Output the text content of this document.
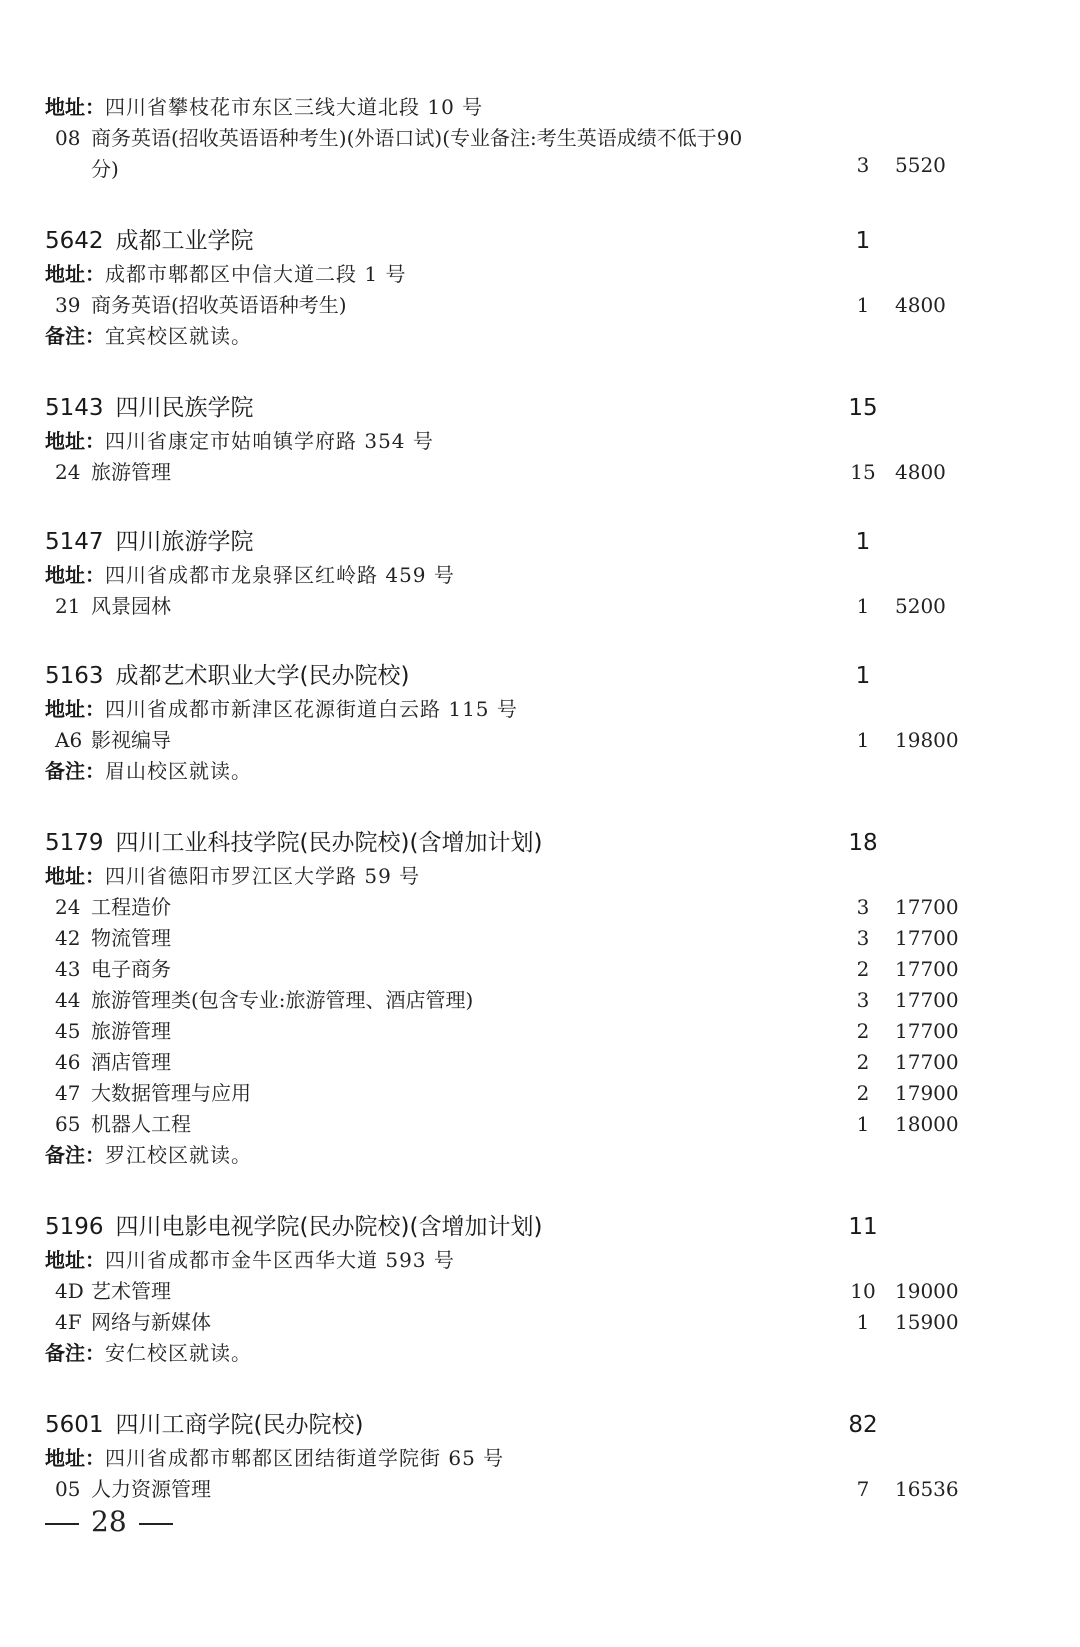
地址：四川省攀枝花市东区三线大道北段 10 号
08 商务英语(招收英语语种考生)(外语口试)(专业备注:考生英语成绩不低于90分)	3	5520
5642 成都工业学院	1
地址：成都市郫都区中信大道二段 1 号
39 商务英语(招收英语语种考生)	1	4800
备注：宜宾校区就读。
5143 四川民族学院	15
地址：四川省康定市姑咱镇学府路 354 号
24 旅游管理	15 4800
5147 四川旅游学院	1
地址：四川省成都市龙泉驿区红岭路 459 号
21 风景园林	1	5200
5163 成都艺术职业大学(民办院校)	1
地址：四川省成都市新津区花源街道白云路 115 号
A6 影视编导	1	19800
备注：眉山校区就读。
5179 四川工业科技学院(民办院校)(含增加计划)	18
地址：四川省德阳市罗江区大学路 59 号
24 工程造价	3	17700
42 物流管理	3	17700
43 电子商务	2	17700
44 旅游管理类(包含专业:旅游管理、酒店管理)	3	17700
45 旅游管理	2	17700
46 酒店管理	2	17700
47 大数据管理与应用	2	17900
65 机器人工程	1	18000
备注：罗江校区就读。
5196 四川电影电视学院(民办院校)(含增加计划)	11
地址：四川省成都市金牛区西华大道 593 号
4D 艺术管理	10 19000
4F 网络与新媒体	1	15900
备注：安仁校区就读。
5601 四川工商学院(民办院校)	82
地址：四川省成都市郫都区团结街道学院街 65 号
05 人力资源管理	7	16536
28
